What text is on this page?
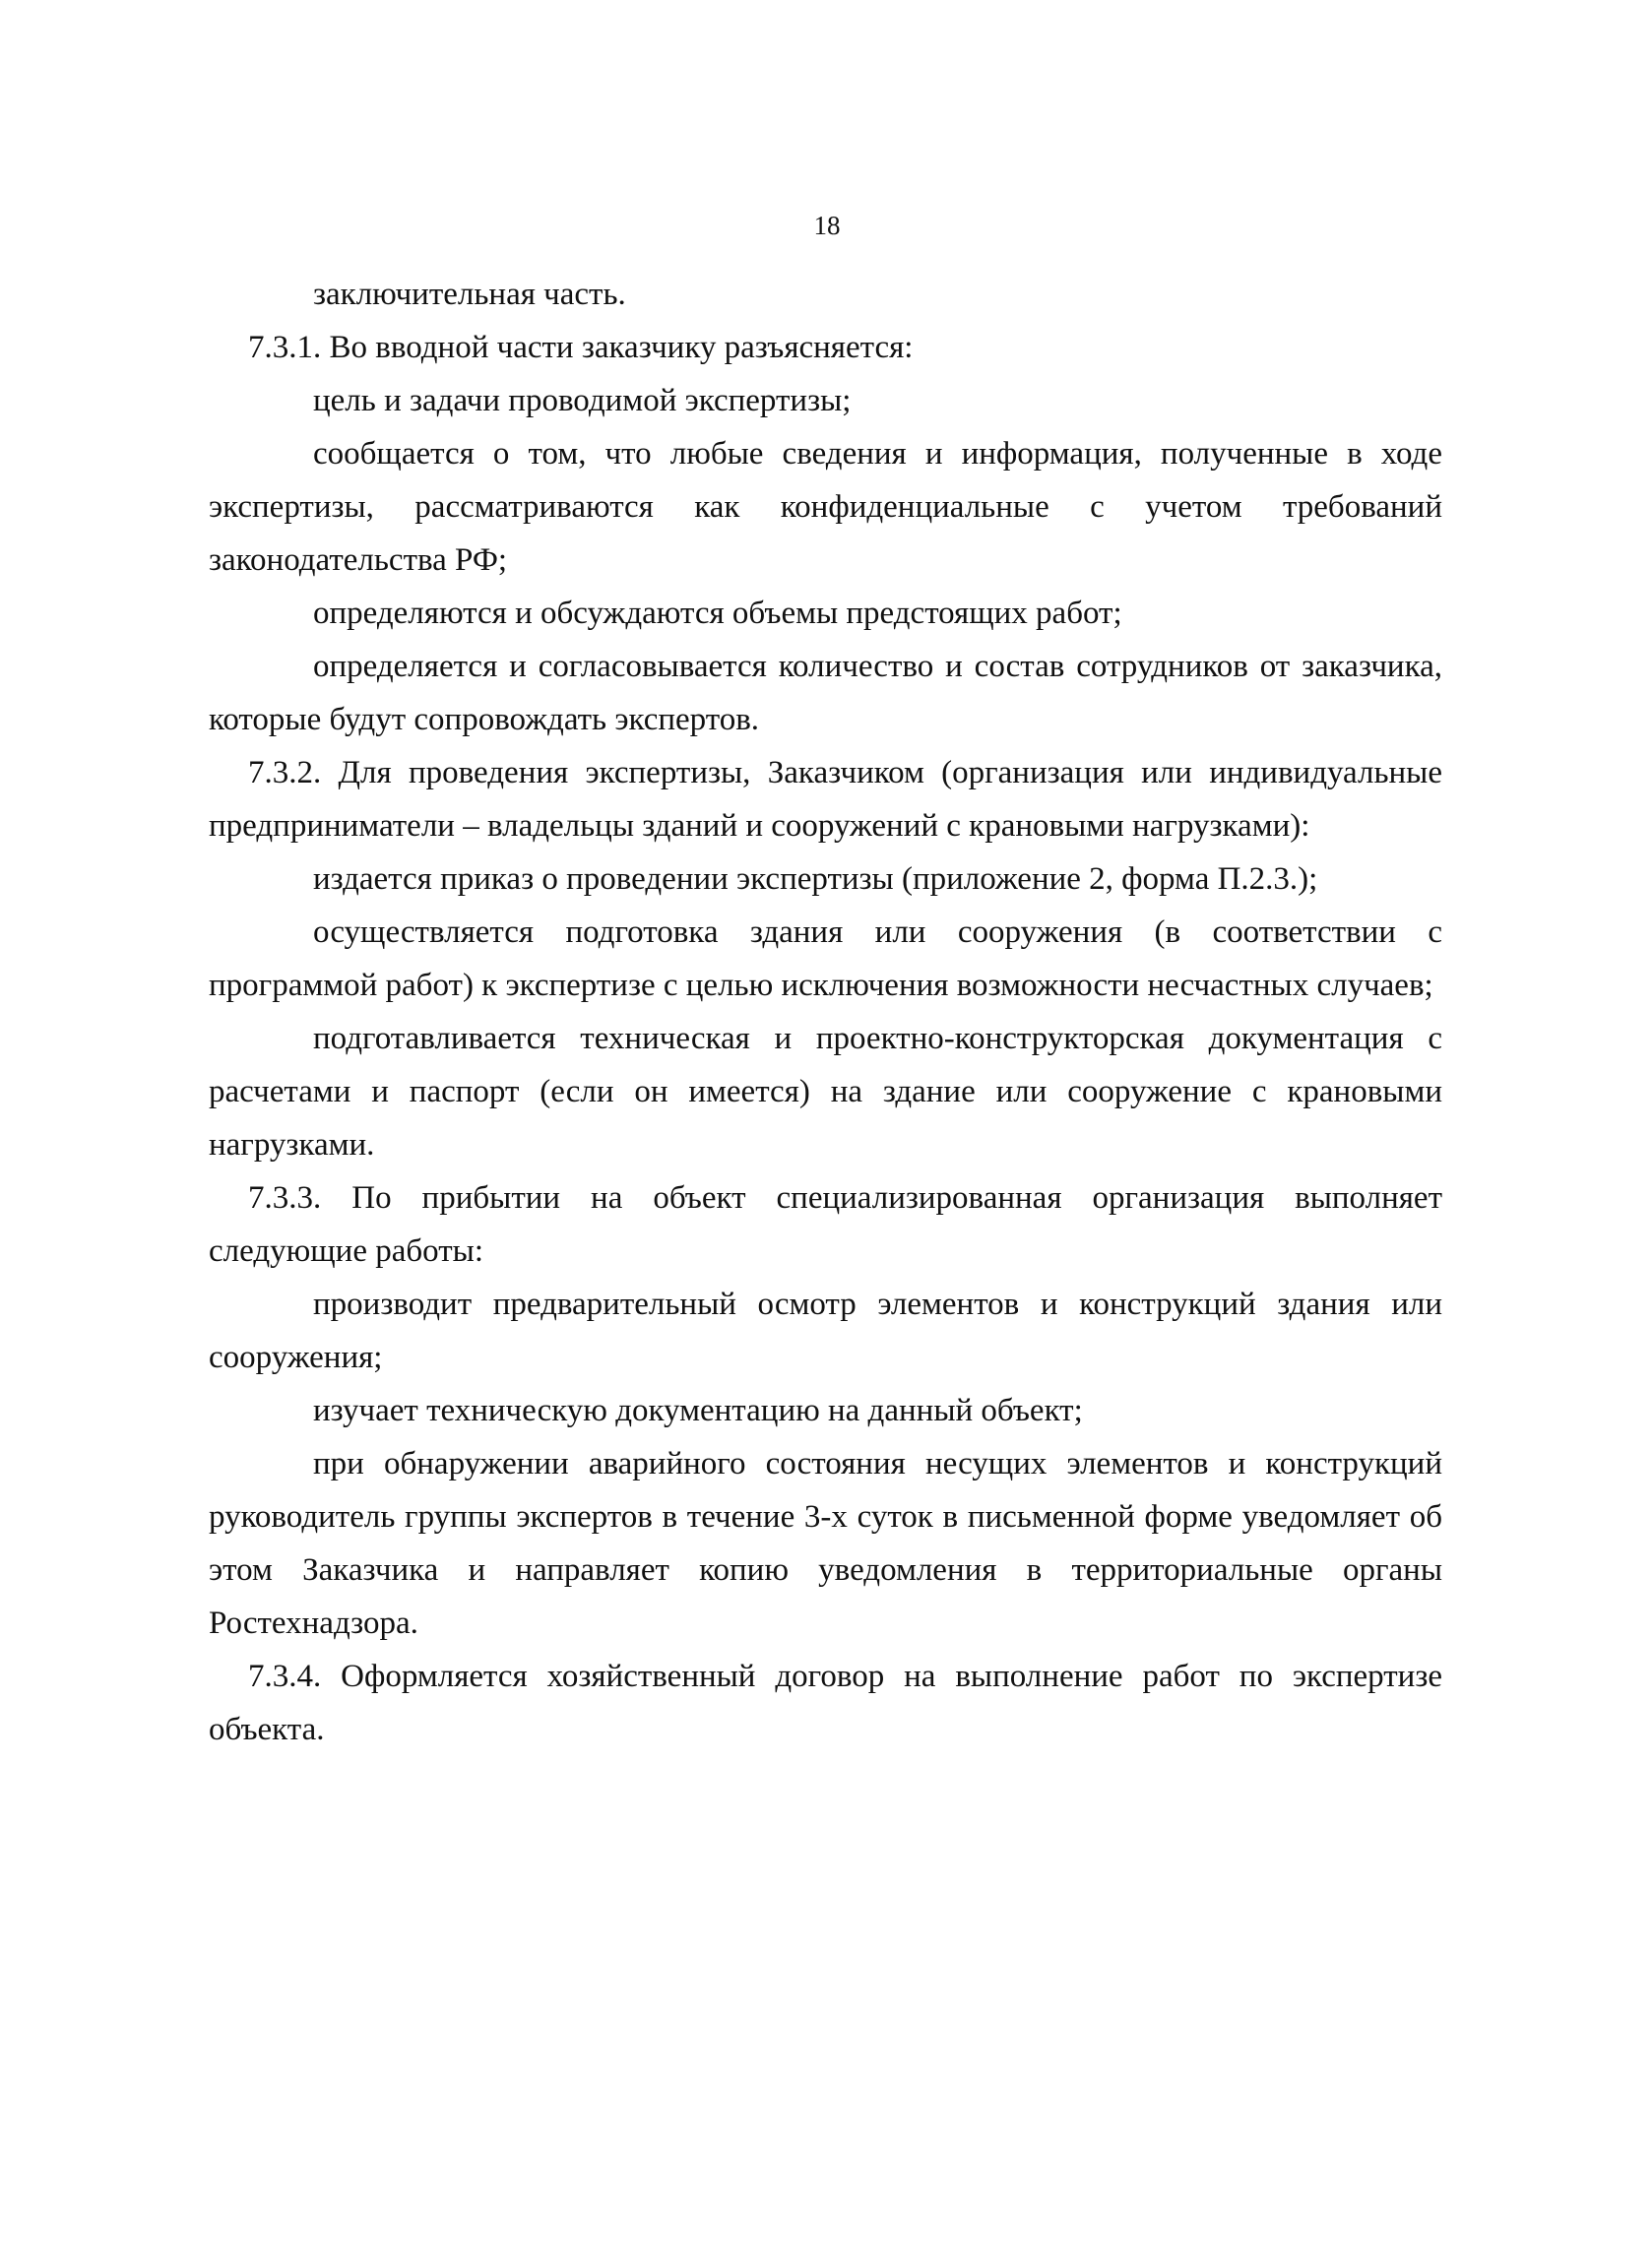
18

заключительная часть.

7.3.1. Во вводной части заказчику разъясняется:

цель и задачи проводимой экспертизы;

сообщается о том, что любые сведения и информация, полученные в ходе экспертизы, рассматриваются как конфиденциальные с учетом требований законодательства РФ;

определяются и обсуждаются объемы предстоящих работ;

определяется и согласовывается количество и состав сотрудников от заказчика, которые будут сопровождать экспертов.

7.3.2. Для проведения экспертизы, Заказчиком (организация или индивидуальные предприниматели – владельцы зданий и сооружений с крановыми нагрузками):

издается приказ о проведении экспертизы (приложение 2, форма П.2.3.);

осуществляется подготовка здания или сооружения (в соответствии с программой работ) к экспертизе с целью исключения возможности несчастных случаев;

подготавливается техническая и проектно-конструкторская документация с расчетами и паспорт (если он имеется) на здание или сооружение с крановыми нагрузками.

7.3.3. По прибытии на объект специализированная организация выполняет следующие работы:

производит предварительный осмотр элементов и конструкций здания или сооружения;

изучает техническую документацию на данный объект;

при обнаружении аварийного состояния несущих элементов и конструкций руководитель группы экспертов в течение 3-х суток в письменной форме уведомляет об этом Заказчика и направляет копию уведомления в территориальные органы Ростехнадзора.

7.3.4. Оформляется хозяйственный договор на выполнение работ по экспертизе объекта.
